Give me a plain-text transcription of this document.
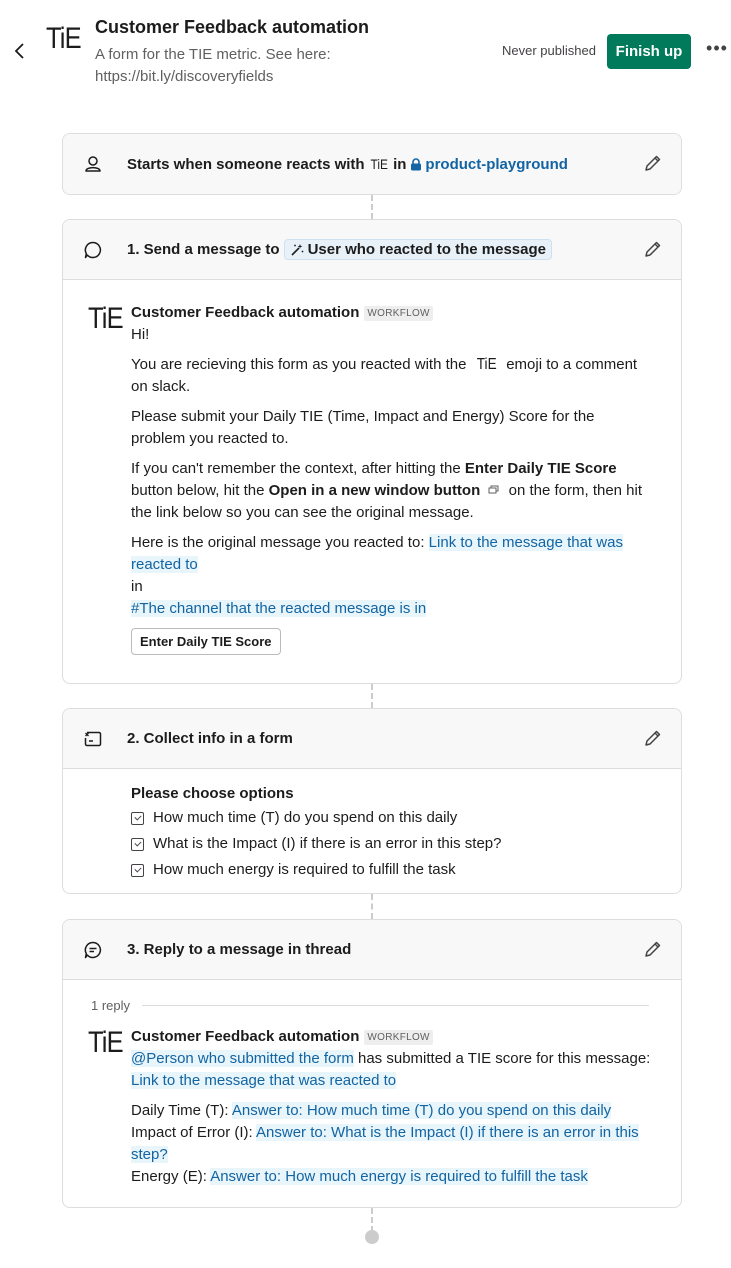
TiE Customer Feedback automation
A form for the TIE metric. See here: https://bit.ly/discoveryfields
Never published	Finish up	•••
Starts when someone reacts with TiE in product-playground
1. Send a message to User who reacted to the message
TiE Customer Feedback automation WORKFLOW
Hi!
You are recieving this form as you reacted with the TiE emoji to a comment on slack.
Please submit your Daily TIE (Time, Impact and Energy) Score for the problem you reacted to.
If you can't remember the context, after hitting the Enter Daily TIE Score button below, hit the Open in a new window button on the form, then hit the link below so you can see the original message.
Here is the original message you reacted to: Link to the message that was reacted to
in
#The channel that the reacted message is in
Enter Daily TIE Score
2. Collect info in a form
Please choose options
How much time (T) do you spend on this daily
What is the Impact (I) if there is an error in this step?
How much energy is required to fulfill the task
3. Reply to a message in thread
1 reply
TiE Customer Feedback automation WORKFLOW
@Person who submitted the form has submitted a TIE score for this message: Link to the message that was reacted to
Daily Time (T): Answer to: How much time (T) do you spend on this daily
Impact of Error (I): Answer to: What is the Impact (I) if there is an error in this step?
Energy (E): Answer to: How much energy is required to fulfill the task
